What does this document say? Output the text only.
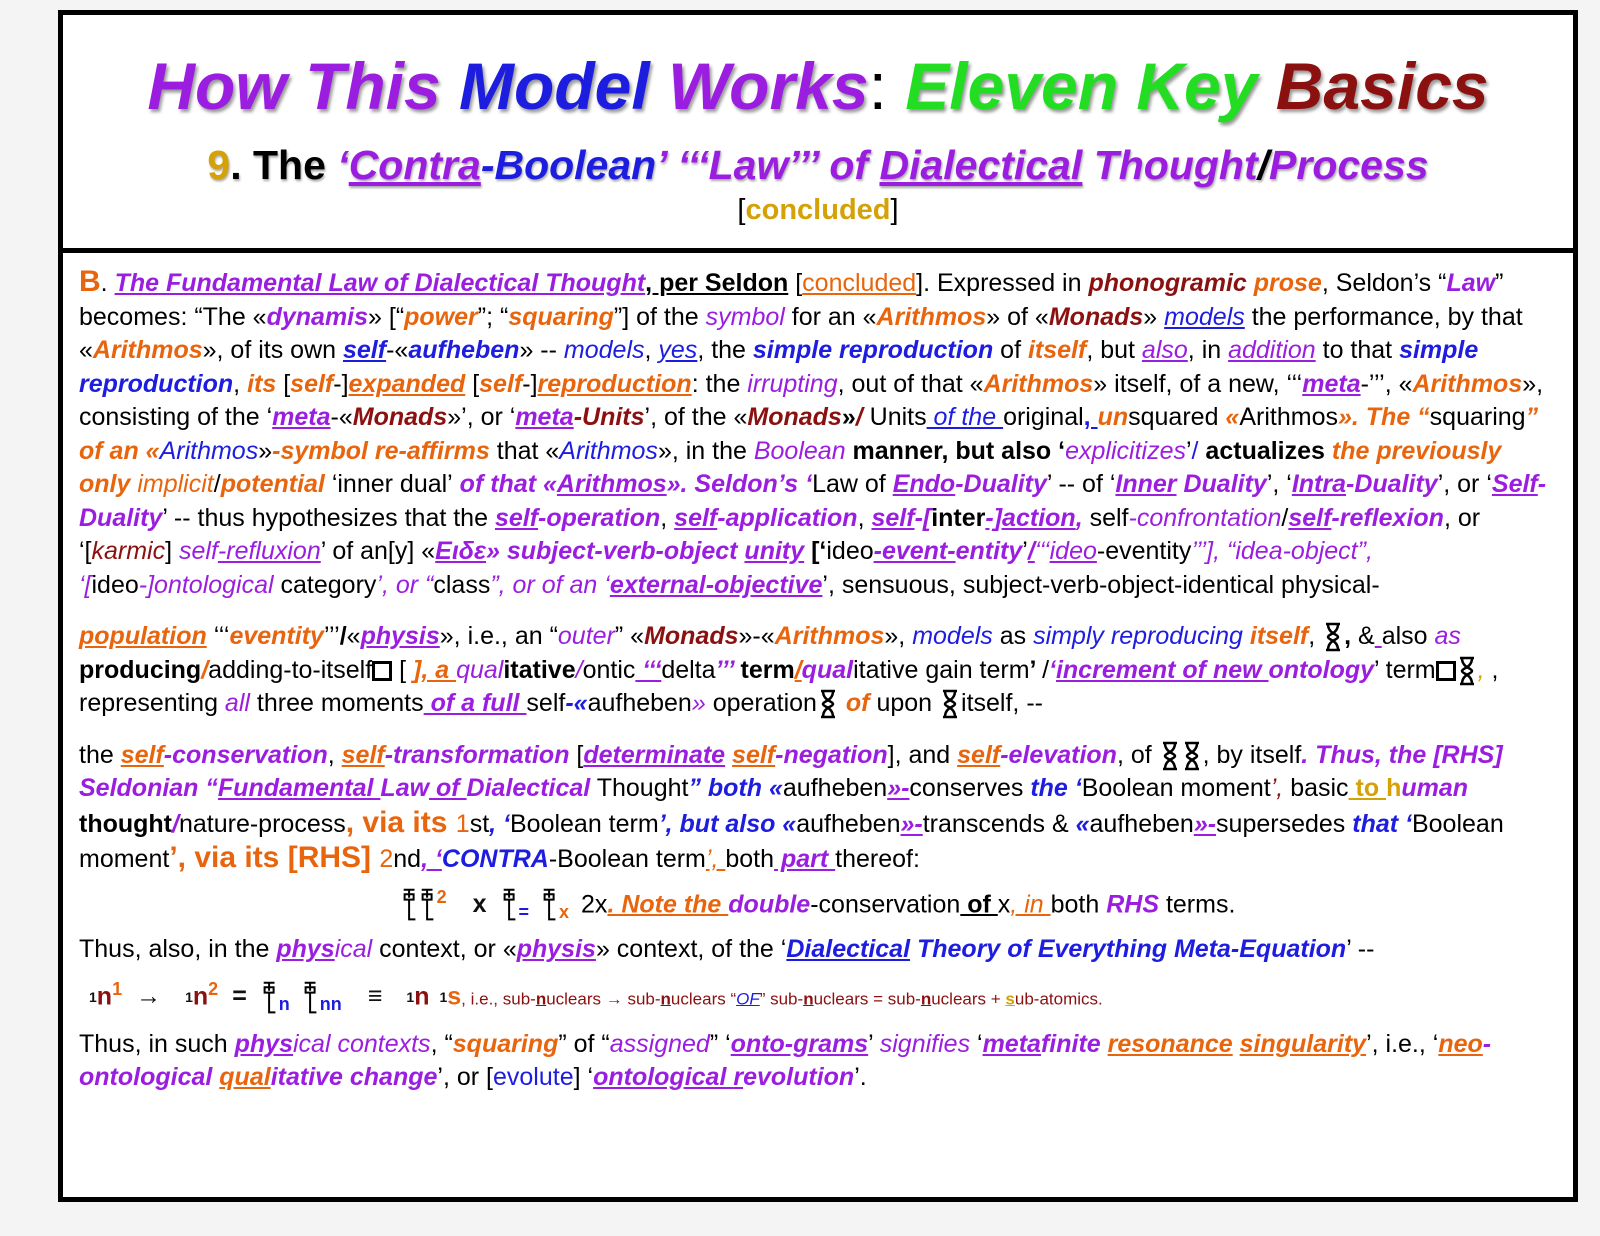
How This Model Works: Eleven Key Basics
9. The ‘Contra-Boolean’ ‘‘‘Law’’’ of Dialectical Thought/Process
[concluded]

B. The Fundamental Law of Dialectical Thought, per Seldon [concluded]. Expressed in phonogramic prose, Seldon’s “Law” becomes: “The «dynamis» [“power”; “squaring”] of the symbol for an «Arithmos» of «Monads» models the performance, by that «Arithmos», of its own self-«aufheben» -- models, yes, the simple reproduction of itself, but also, in addition to that simple reproduction, its [self-]expanded [self-]reproduction: the irrupting, out of that «Arithmos» itself, of a new, ‘‘‘meta-’’’, «Arithmos», consisting of the ‘meta-«Monads»’, or ‘meta-Units’, of the «Monads»/ Units of the original, unsquared «Arithmos». The “squaring” of an «Arithmos»-symbol re-affirms that «Arithmos», in the Boolean manner, but also ‘explicitizes’/ actualizes the previously only implicit/potential ‘inner dual’ of that «Arithmos». Seldon’s ‘Law of Endo-Duality’ -- of ‘Inner Duality’, ‘Intra-Duality’, or ‘Self-Duality’ -- thus hypothesizes that the self-operation, self-application, self-[inter-]action, self-confrontation/self-reflexion, or ‘[karmic] self-refluxion’ of an[y] «Ειδε» subject-verb-object unity [‘ideo-event-entity’/‘‘‘ideo-eventity’’’], “idea-object”, ‘[ideo-]ontological category’, or “class”, or of an ‘external-objective’, sensuous, subject-verb-object-identical physical-

population ‘‘‘eventity’’’/«physis», i.e., an “outer” «Monads»-«Arithmos», models as simply reproducing itself, , & also as producing/adding-to-itself [ ], a qualitative/ontic ‘‘‘delta’’’ term/qualitative gain term’ /‘increment of new ontology’ term , , representing all three moments of a full self-«aufheben» operation of upon itself, --

the self-conservation, self-transformation [determinate self-negation], and self-elevation, of , by itself. Thus, the [RHS] Seldonian “Fundamental Law of Dialectical Thought” both «aufheben»-conserves the ‘Boolean moment’, basic to human thought/nature-process, via its 1st, ‘Boolean term’, but also «aufheben»-transcends & «aufheben»-supersedes that ‘Boolean moment’, via its [RHS] 2nd, ‘CONTRA-Boolean term’, both part thereof:

$^2$ x $_=$ $_x$ 2x. Note the double-conservation of x, in both RHS terms.

Thus, also, in the physical context, or «physis» context, of the ‘Dialectical Theory of Everything Meta-Equation’ --

$1n^1 \to 1n^2 = _n$ $_{nn}$ ≡ 1n 1s, i.e., sub-nuclears → sub-nuclears “OF” sub-nuclears = sub-nuclears + sub-atomics.

Thus, in such physical contexts, “squaring” of “assigned” ‘onto-grams’ signifies ‘metafinite resonance singularity’, i.e., ‘neo-ontological qualitative change’, or [evolute] ‘ontological revolution’.
